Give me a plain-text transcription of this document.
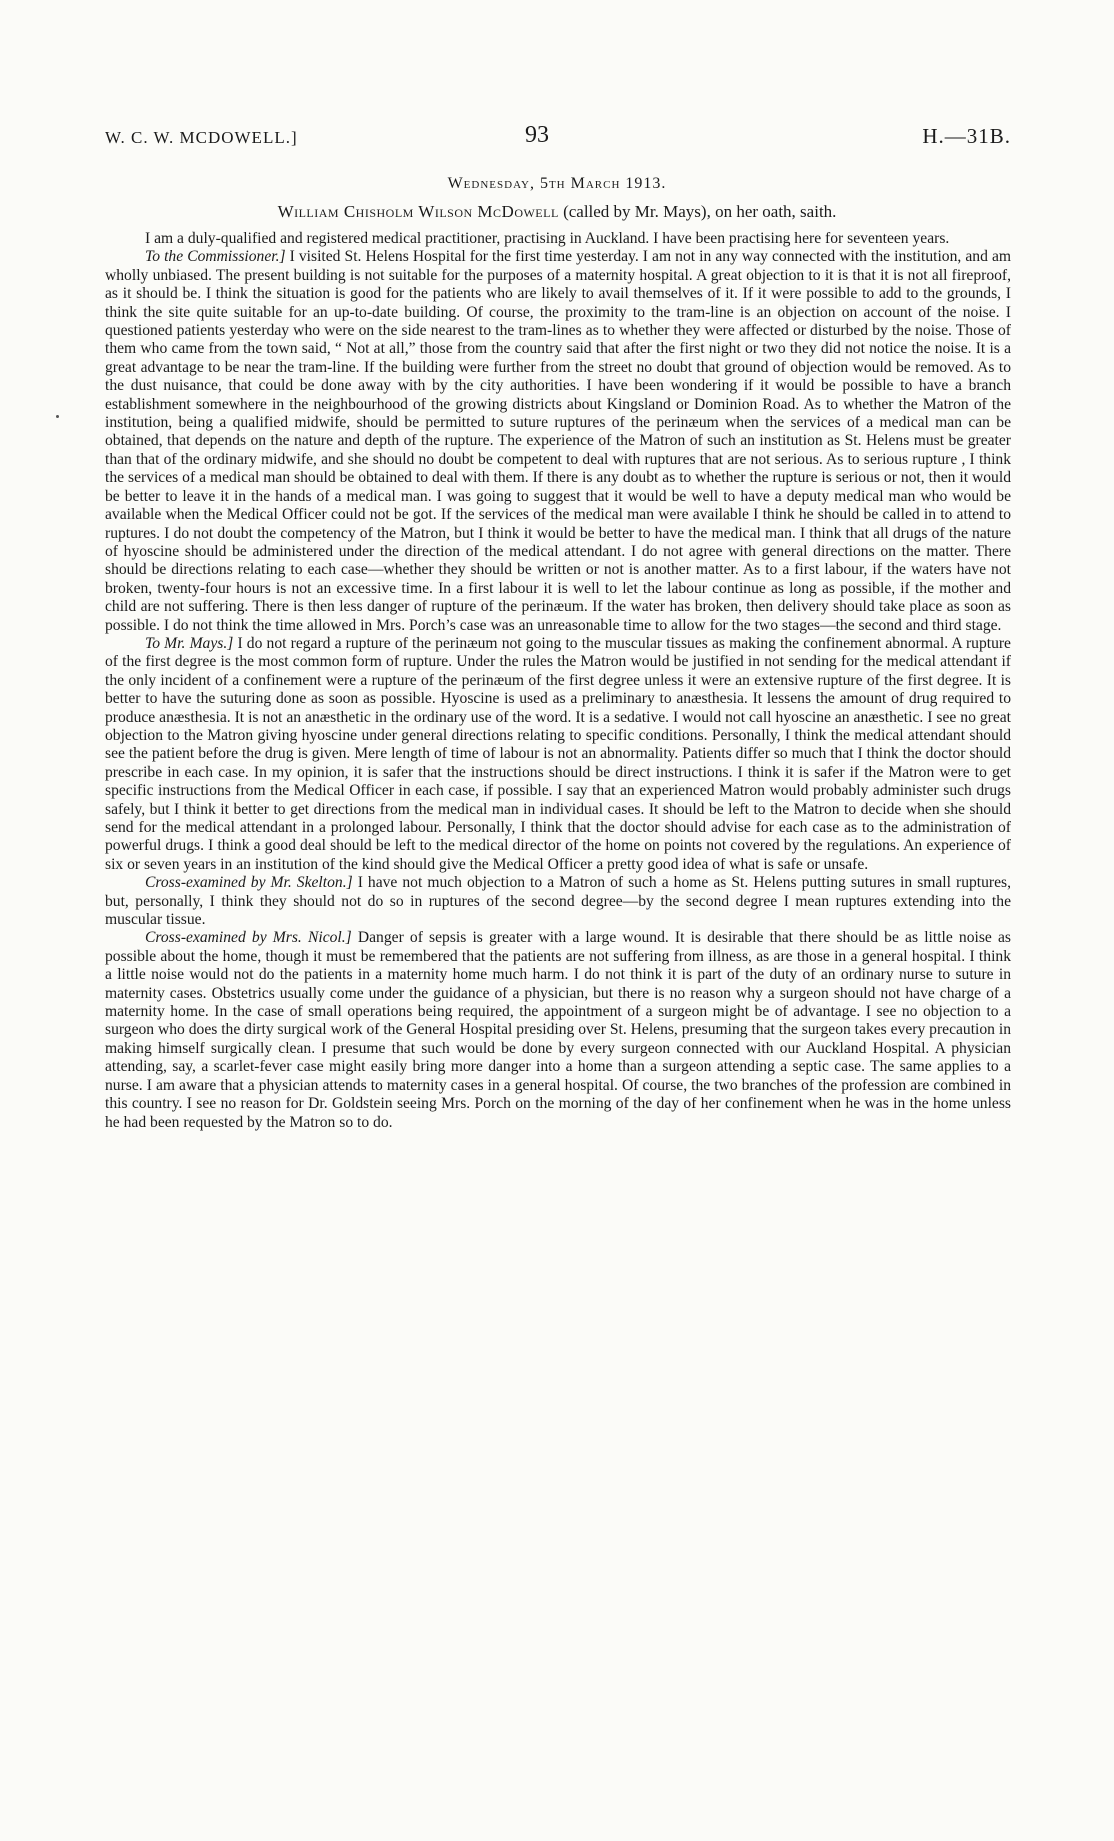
W. C. W. MCDOWELL.]	93	H.—31B.
Wednesday, 5th March 1913.
William Chisholm Wilson McDowell (called by Mr. Mays), on her oath, saith.

I am a duly-qualified and registered medical practitioner, practising in Auckland. I have been practising here for seventeen years.

To the Commissioner.] I visited St. Helens Hospital for the first time yesterday. I am not in any way connected with the institution, and am wholly unbiased. The present building is not suitable for the purposes of a maternity hospital. A great objection to it is that it is not all fireproof, as it should be. I think the situation is good for the patients who are likely to avail themselves of it. If it were possible to add to the grounds, I think the site quite suitable for an up-to-date building. Of course, the proximity to the tram-line is an objection on account of the noise. I questioned patients yesterday who were on the side nearest to the tram-lines as to whether they were affected or disturbed by the noise. Those of them who came from the town said, “ Not at all,” those from the country said that after the first night or two they did not notice the noise. It is a great advantage to be near the tram-line. If the building were further from the street no doubt that ground of objection would be removed. As to the dust nuisance, that could be done away with by the city authorities. I have been wondering if it would be possible to have a branch establishment somewhere in the neighbourhood of the growing districts about Kingsland or Dominion Road. As to whether the Matron of the institution, being a qualified midwife, should be permitted to suture ruptures of the perinæum when the services of a medical man can be obtained, that depends on the nature and depth of the rupture. The experience of the Matron of such an institution as St. Helens must be greater than that of the ordinary midwife, and she should no doubt be competent to deal with ruptures that are not serious. As to serious rupture , I think the services of a medical man should be obtained to deal with them. If there is any doubt as to whether the rupture is serious or not, then it would be better to leave it in the hands of a medical man. I was going to suggest that it would be well to have a deputy medical man who would be available when the Medical Officer could not be got. If the services of the medical man were available I think he should be called in to attend to ruptures. I do not doubt the competency of the Matron, but I think it would be better to have the medical man. I think that all drugs of the nature of hyoscine should be administered under the direction of the medical attendant. I do not agree with general directions on the matter. There should be directions relating to each case—whether they should be written or not is another matter. As to a first labour, if the waters have not broken, twenty-four hours is not an excessive time. In a first labour it is well to let the labour continue as long as possible, if the mother and child are not suffering. There is then less danger of rupture of the perinæum. If the water has broken, then delivery should take place as soon as possible. I do not think the time allowed in Mrs. Porch’s case was an unreasonable time to allow for the two stages—the second and third stage.

To Mr. Mays.] I do not regard a rupture of the perinæum not going to the muscular tissues as making the confinement abnormal. A rupture of the first degree is the most common form of rupture. Under the rules the Matron would be justified in not sending for the medical attendant if the only incident of a confinement were a rupture of the perinæum of the first degree unless it were an extensive rupture of the first degree. It is better to have the suturing done as soon as possible. Hyoscine is used as a preliminary to anæsthesia. It lessens the amount of drug required to produce anæsthesia. It is not an anæsthetic in the ordinary use of the word. It is a sedative. I would not call hyoscine an anæsthetic. I see no great objection to the Matron giving hyoscine under general directions relating to specific conditions. Personally, I think the medical attendant should see the patient before the drug is given. Mere length of time of labour is not an abnormality. Patients differ so much that I think the doctor should prescribe in each case. In my opinion, it is safer that the instructions should be direct instructions. I think it is safer if the Matron were to get specific instructions from the Medical Officer in each case, if possible. I say that an experienced Matron would probably administer such drugs safely, but I think it better to get directions from the medical man in individual cases. It should be left to the Matron to decide when she should send for the medical attendant in a prolonged labour. Personally, I think that the doctor should advise for each case as to the administration of powerful drugs. I think a good deal should be left to the medical director of the home on points not covered by the regulations. An experience of six or seven years in an institution of the kind should give the Medical Officer a pretty good idea of what is safe or unsafe.

Cross-examined by Mr. Skelton.] I have not much objection to a Matron of such a home as St. Helens putting sutures in small ruptures, but, personally, I think they should not do so in ruptures of the second degree—by the second degree I mean ruptures extending into the muscular tissue.

Cross-examined by Mrs. Nicol.] Danger of sepsis is greater with a large wound. It is desirable that there should be as little noise as possible about the home, though it must be remembered that the patients are not suffering from illness, as are those in a general hospital. I think a little noise would not do the patients in a maternity home much harm. I do not think it is part of the duty of an ordinary nurse to suture in maternity cases. Obstetrics usually come under the guidance of a physician, but there is no reason why a surgeon should not have charge of a maternity home. In the case of small operations being required, the appointment of a surgeon might be of advantage. I see no objection to a surgeon who does the dirty surgical work of the General Hospital presiding over St. Helens, presuming that the surgeon takes every precaution in making himself surgically clean. I presume that such would be done by every surgeon connected with our Auckland Hospital. A physician attending, say, a scarlet-fever case might easily bring more danger into a home than a surgeon attending a septic case. The same applies to a nurse. I am aware that a physician attends to maternity cases in a general hospital. Of course, the two branches of the profession are combined in this country. I see no reason for Dr. Goldstein seeing Mrs. Porch on the morning of the day of her confinement when he was in the home unless he had been requested by the Matron so to do.
